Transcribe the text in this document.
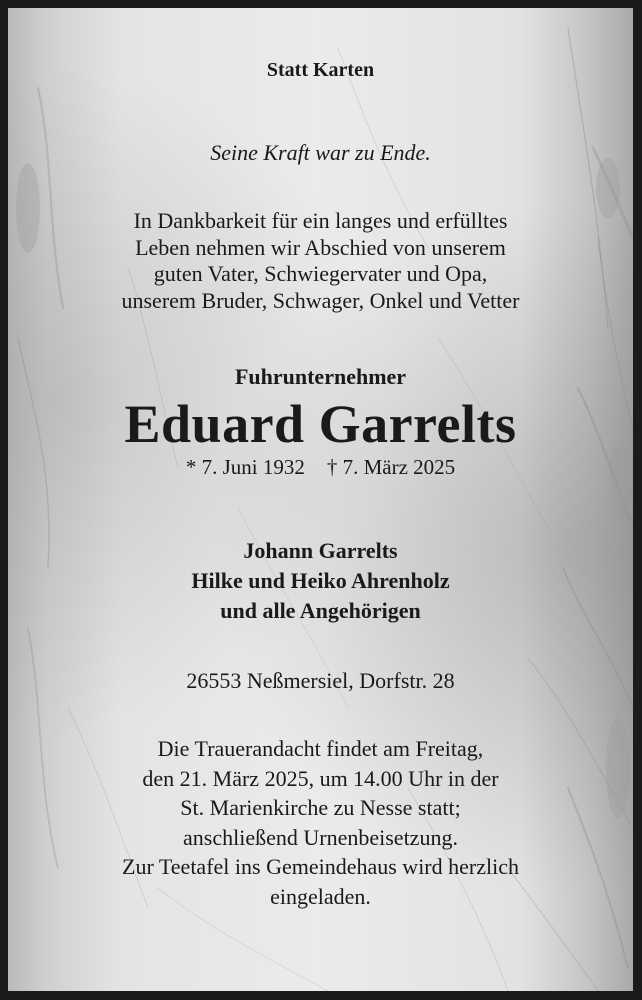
Statt Karten
Seine Kraft war zu Ende.
In Dankbarkeit für ein langes und erfülltes
Leben nehmen wir Abschied von unserem
guten Vater, Schwiegervater und Opa,
unserem Bruder, Schwager, Onkel und Vetter
Fuhrunternehmer
Eduard Garrelts
* 7. Juni 1932 † 7. März 2025
Johann Garrelts
Hilke und Heiko Ahrenholz
und alle Angehörigen
26553 Neßmersiel, Dorfstr. 28
Die Trauerandacht findet am Freitag,
den 21. März 2025, um 14.00 Uhr in der
St. Marienkirche zu Nesse statt;
anschließend Urnenbeisetzung.
Zur Teetafel ins Gemeindehaus wird herzlich
eingeladen.
